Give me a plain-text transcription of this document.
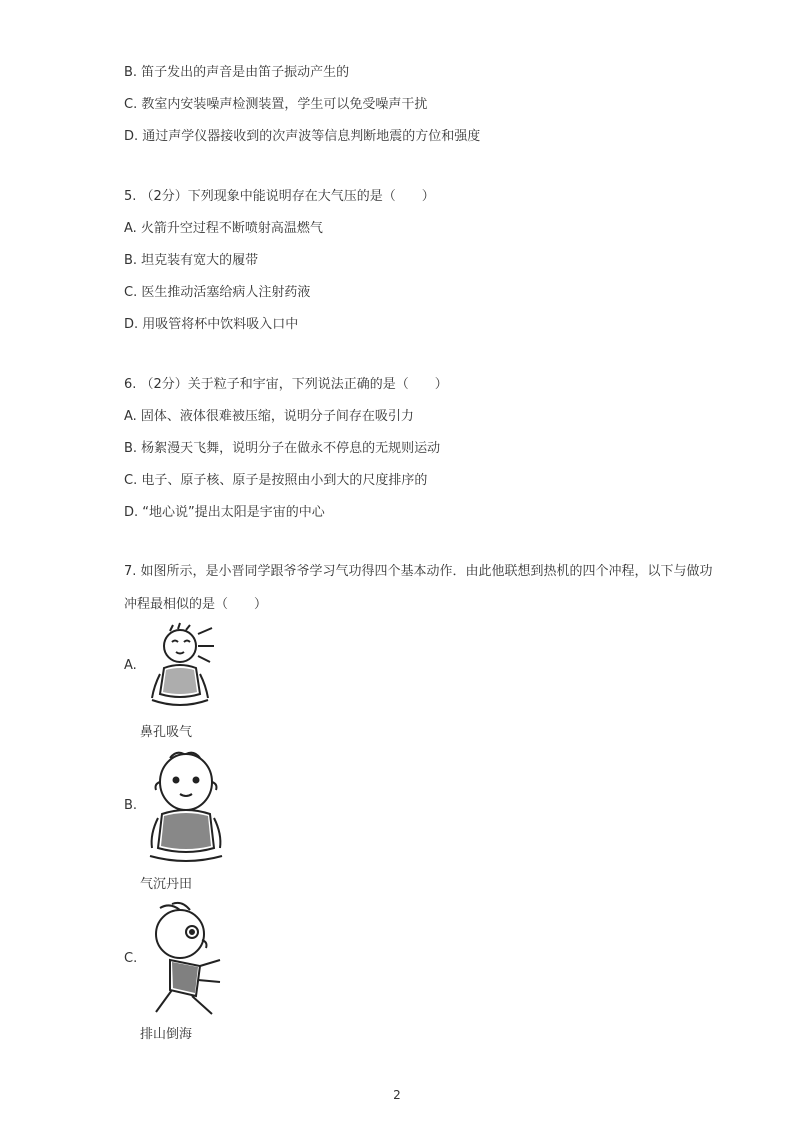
B. 笛子发出的声音是由笛子振动产生的
C. 教室内安装噪声检测装置，学生可以免受噪声干扰
D. 通过声学仪器接收到的次声波等信息判断地震的方位和强度
5. （2分）下列现象中能说明存在大气压的是（　　）
A. 火箭升空过程不断喷射高温燃气
B. 坦克装有宽大的履带
C. 医生推动活塞给病人注射药液
D. 用吸管将杯中饮料吸入口中
6. （2分）关于粒子和宇宙，下列说法正确的是（　　）
A. 固体、液体很难被压缩，说明分子间存在吸引力
B. 杨絮漫天飞舞，说明分子在做永不停息的无规则运动
C. 电子、原子核、原子是按照由小到大的尺度排序的
D. “地心说”提出太阳是宇宙的中心
7. 如图所示，是小晋同学跟爷爷学习气功得四个基本动作．由此他联想到热机的四个冲程，以下与做功
冲程最相似的是（　　）
A.
鼻孔吸气
B.
气沉丹田
C.
排山倒海
2
